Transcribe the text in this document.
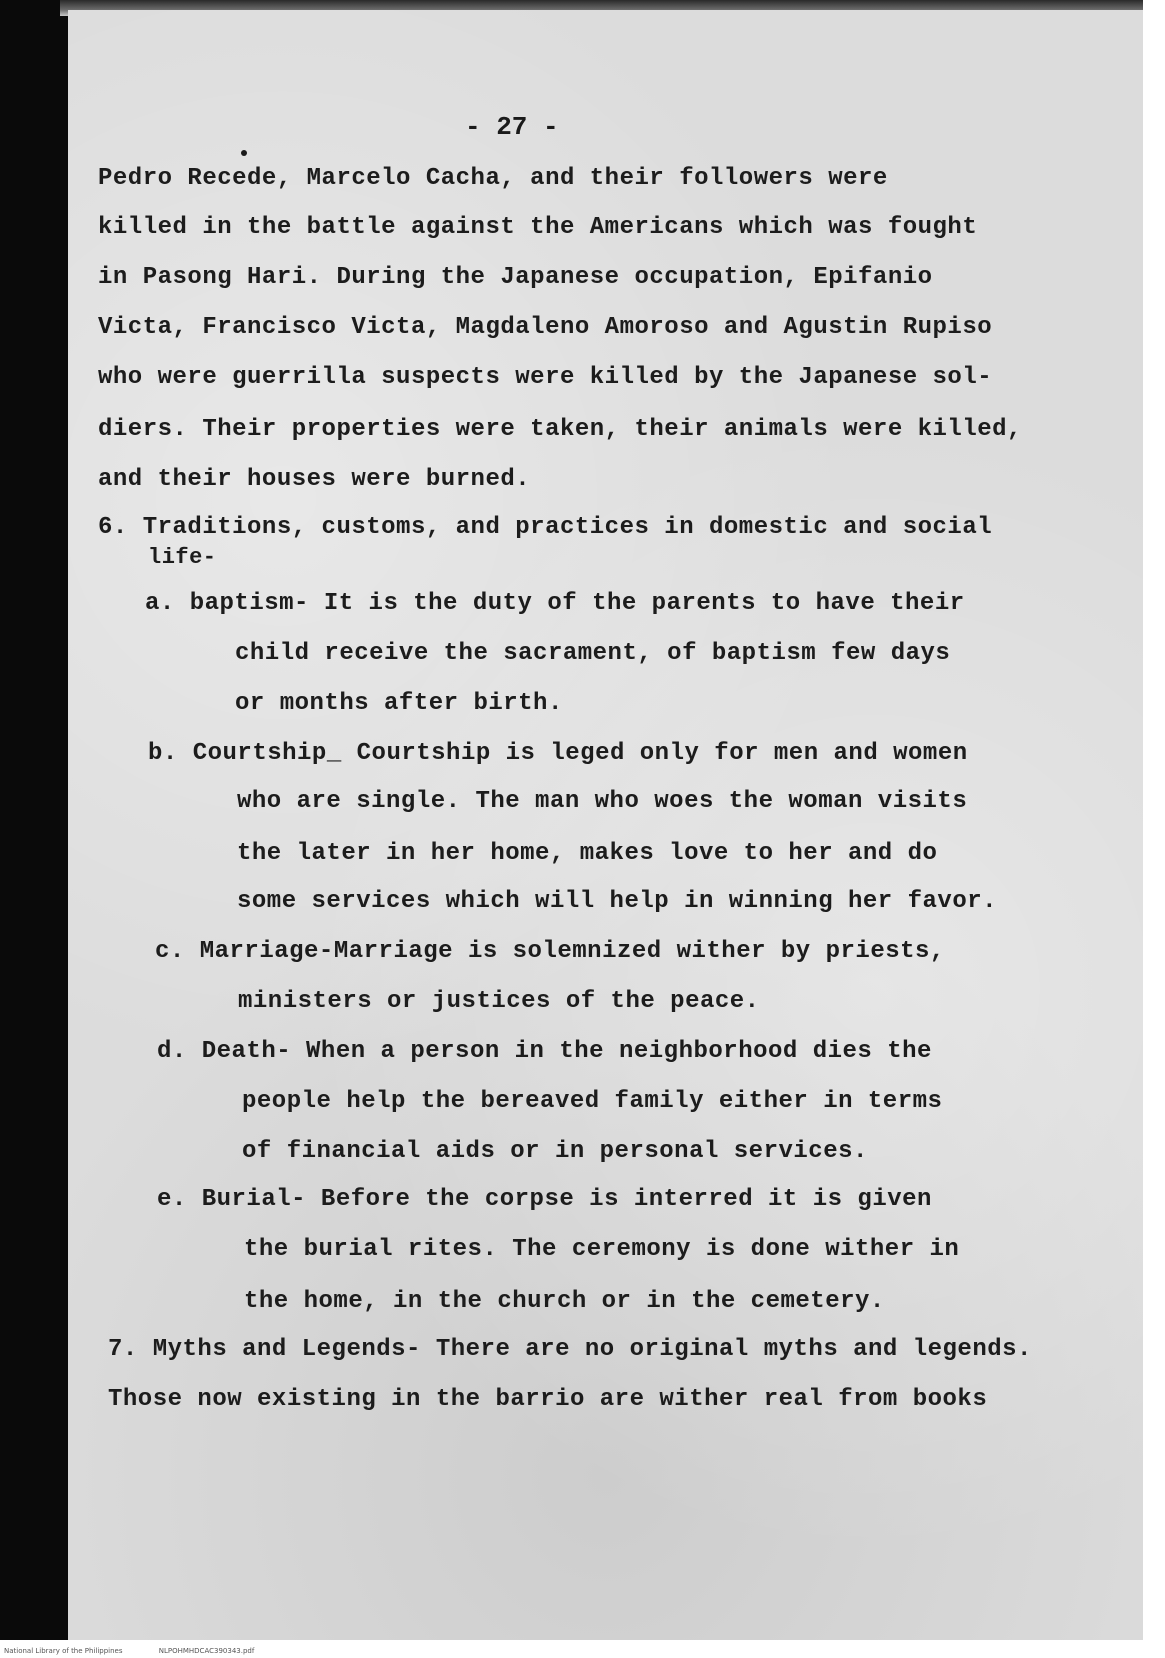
- 27 -
Pedro Recede, Marcelo Cacha, and their followers were
killed in the battle against the Americans which was fought
in Pasong Hari. During the Japanese occupation, Epifanio
Victa, Francisco Victa, Magdaleno Amoroso and Agustin Rupiso
who were guerrilla suspects were killed by the Japanese sol-
diers. Their properties were taken, their animals were killed,
and their houses were burned.
6. Traditions, customs, and practices in domestic and social
life-
a. baptism- It is the duty of the parents to have their
child receive the sacrament, of baptism few days
or months after birth.
b. Courtship_ Courtship is leged only for men and women
who are single. The man who woes the woman visits
the later in her home, makes love to her and do
some services which will help in winning her favor.
c. Marriage-Marriage is solemnized wither by priests,
ministers or justices of the peace.
d. Death- When a person in the neighborhood dies the
people help the bereaved family either in terms
of financial aids or in personal services.
e. Burial- Before the corpse is interred it is given
the burial rites. The ceremony is done wither in
the home, in the church or in the cemetery.
7. Myths and Legends- There are no original myths and legends.
Those now existing in the barrio are wither real from books
National Library of the Philippines	NLPOHMHDCAC390343.pdf
